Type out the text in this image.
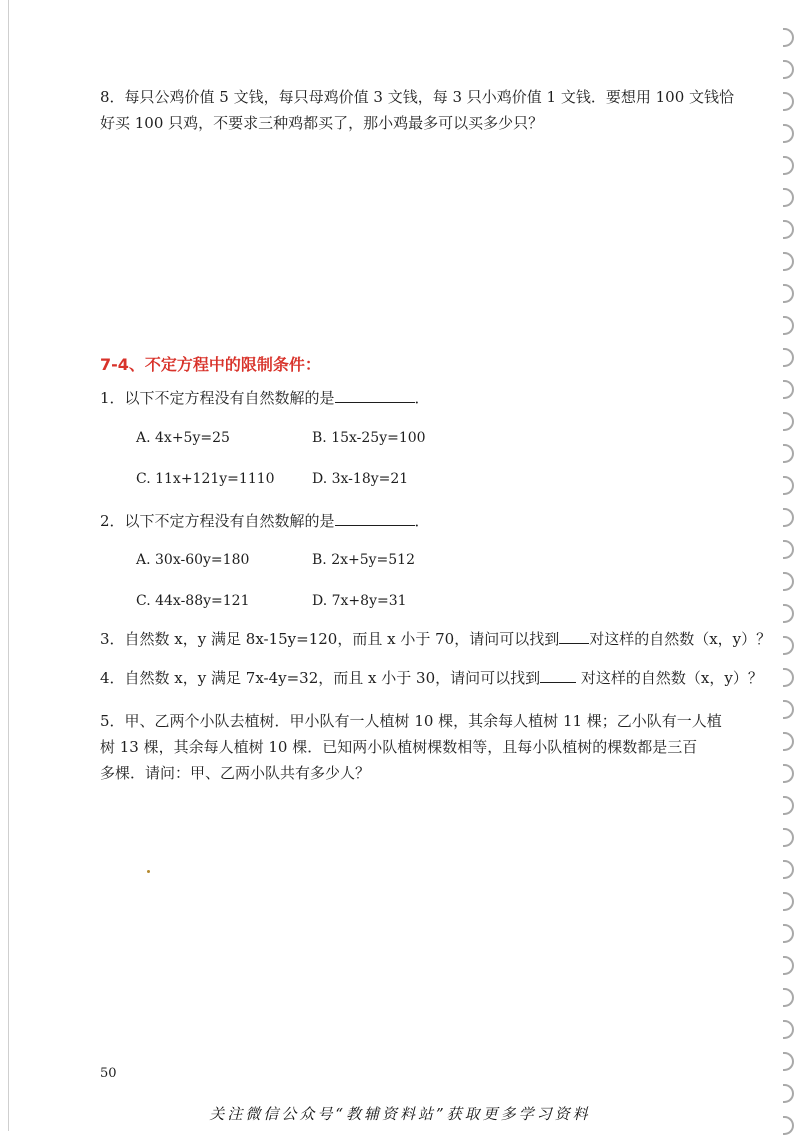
8．每只公鸡价值 5 文钱，每只母鸡价值 3 文钱，每 3 只小鸡价值 1 文钱．要想用 100 文钱恰
好买 100 只鸡，不要求三种鸡都买了，那小鸡最多可以买多少只？
7-4、不定方程中的限制条件：
1．以下不定方程没有自然数解的是	．
A. 4x+5y=25	B. 15x-25y=100
C. 11x+121y=1110	D. 3x-18y=21
2．以下不定方程没有自然数解的是	．
A. 30x-60y=180	B. 2x+5y=512
C. 44x-88y=121	D. 7x+8y=31
3．自然数 x，y 满足 8x-15y=120，而且 x 小于 70，请问可以找到 对这样的自然数（x，y）？
4．自然数 x，y 满足 7x-4y=32，而且 x 小于 30，请问可以找到 对这样的自然数（x，y）？
5．甲、乙两个小队去植树．甲小队有一人植树 10 棵，其余每人植树 11 棵；乙小队有一人植
树 13 棵，其余每人植树 10 棵．已知两小队植树棵数相等，且每小队植树的棵数都是三百
多棵．请问：甲、乙两小队共有多少人？
50
关注微信公众号“教辅资料站”获取更多学习资料
